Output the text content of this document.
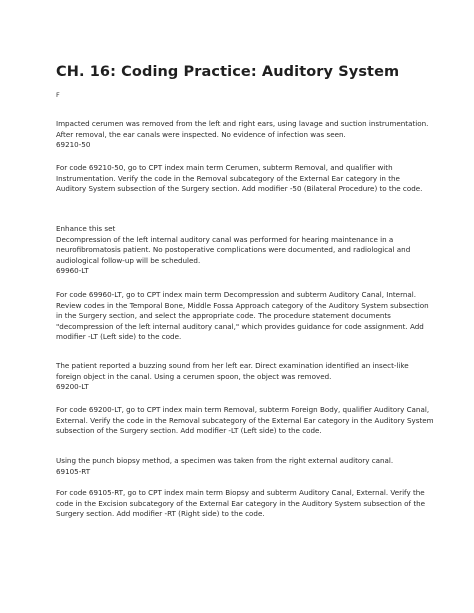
CH. 16: Coding Practice: Auditory System
F

Impacted cerumen was removed from the left and right ears, using lavage and suction instrumentation.
After removal, the ear canals were inspected. No evidence of infection was seen.

69210-50

For code 69210-50, go to CPT index main term Cerumen, subterm Removal, and qualifier with
Instrumentation. Verify the code in the Removal subcategory of the External Ear category in the
Auditory System subsection of the Surgery section. Add modifier -50 (Bilateral Procedure) to the code.

Enhance this set

Decompression of the left internal auditory canal was performed for hearing maintenance in a
neurofibromatosis patient. No postoperative complications were documented, and radiological and
audiological follow-up will be scheduled.

69960-LT

For code 69960-LT, go to CPT index main term Decompression and subterm Auditory Canal, Internal.
Review codes in the Temporal Bone, Middle Fossa Approach category of the Auditory System subsection
in the Surgery section, and select the appropriate code. The procedure statement documents
"decompression of the left internal auditory canal," which provides guidance for code assignment. Add
modifier -LT (Left side) to the code.

The patient reported a buzzing sound from her left ear. Direct examination identified an insect-like
foreign object in the canal. Using a cerumen spoon, the object was removed.

69200-LT

For code 69200-LT, go to CPT index main term Removal, subterm Foreign Body, qualifier Auditory Canal,
External. Verify the code in the Removal subcategory of the External Ear category in the Auditory System
subsection of the Surgery section. Add modifier -LT (Left side) to the code.

Using the punch biopsy method, a specimen was taken from the right external auditory canal.

69105-RT

For code 69105-RT, go to CPT index main term Biopsy and subterm Auditory Canal, External. Verify the
code in the Excision subcategory of the External Ear category in the Auditory System subsection of the
Surgery section. Add modifier -RT (Right side) to the code.
